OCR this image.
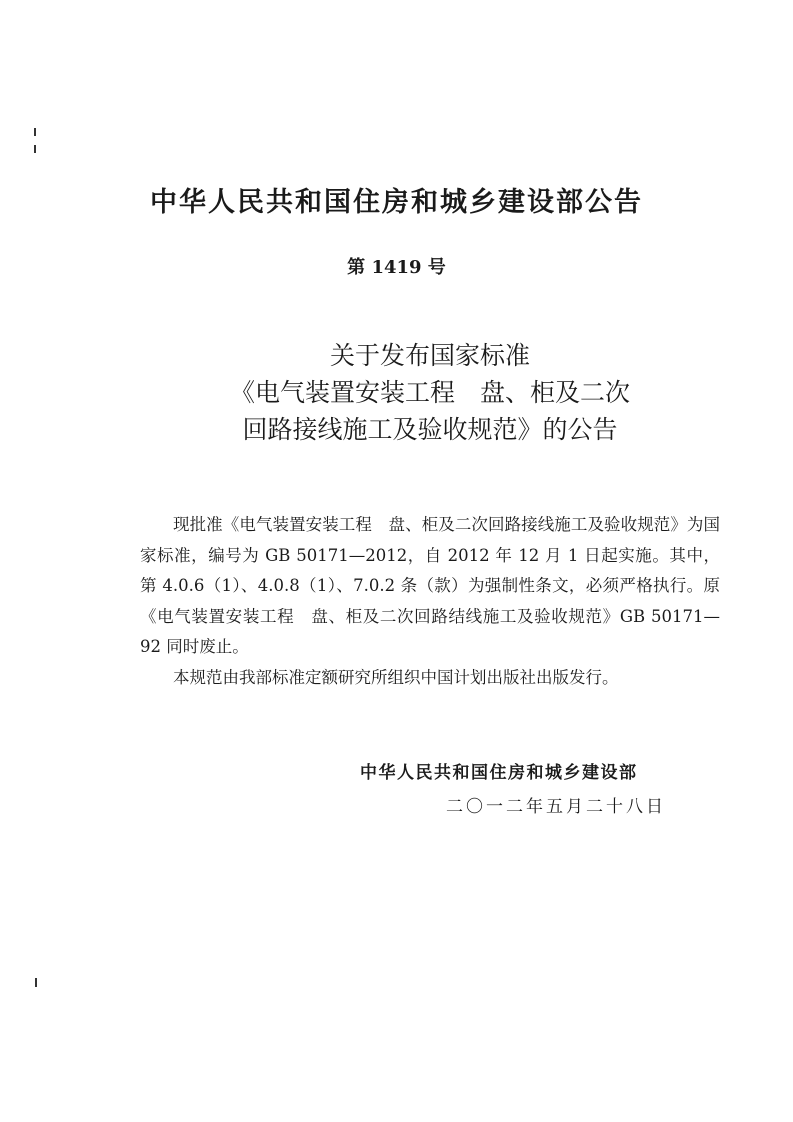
中华人民共和国住房和城乡建设部公告
第 1419 号
关于发布国家标准
《电气装置安装工程　盘、柜及二次
回路接线施工及验收规范》的公告

现批准《电气装置安装工程　盘、柜及二次回路接线施工及验收规范》为国家标准，编号为 GB 50171—2012，自 2012 年 12 月 1 日起实施。其中，第 4.0.6（1）、4.0.8（1）、7.0.2 条（款）为强制性条文，必须严格执行。原《电气装置安装工程　盘、柜及二次回路结线施工及验收规范》GB 50171—92 同时废止。

本规范由我部标准定额研究所组织中国计划出版社出版发行。

中华人民共和国住房和城乡建设部
二〇一二年五月二十八日
